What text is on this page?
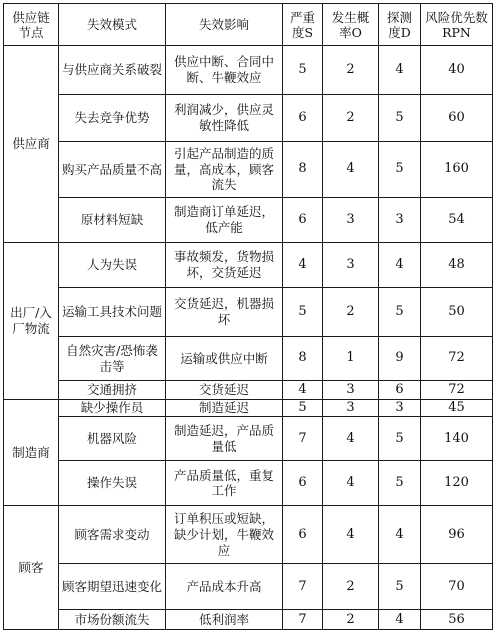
供应链节点	失效模式	失效影响	严重度S	发生概率O	探测度D	风险优先数RPN
供应商	与供应商关系破裂	供应中断、合同中断、牛鞭效应	5	2	4	40
	失去竞争优势	利润减少，供应灵敏性降低	6	2	5	60
	购买产品质量不高	引起产品制造的质量，高成本，顾客流失	8	4	5	160
	原材料短缺	制造商订单延迟，低产能	6	3	3	54
出厂/入厂物流	人为失误	事故频发，货物损坏，交货延迟	4	3	4	48
	运输工具技术问题	交货延迟，机器损坏	5	2	5	50
	自然灾害/恐怖袭击等	运输或供应中断	8	1	9	72
	交通拥挤	交货延迟	4	3	6	72
制造商	缺少操作员	制造延迟	5	3	3	45
	机器风险	制造延迟，产品质量低	7	4	5	140
	操作失误	产品质量低，重复工作	6	4	5	120
顾客	顾客需求变动	订单积压或短缺，缺少计划，牛鞭效应	6	4	4	96
	顾客期望迅速变化	产品成本升高	7	2	5	70
	市场份额流失	低利润率	7	2	4	56
